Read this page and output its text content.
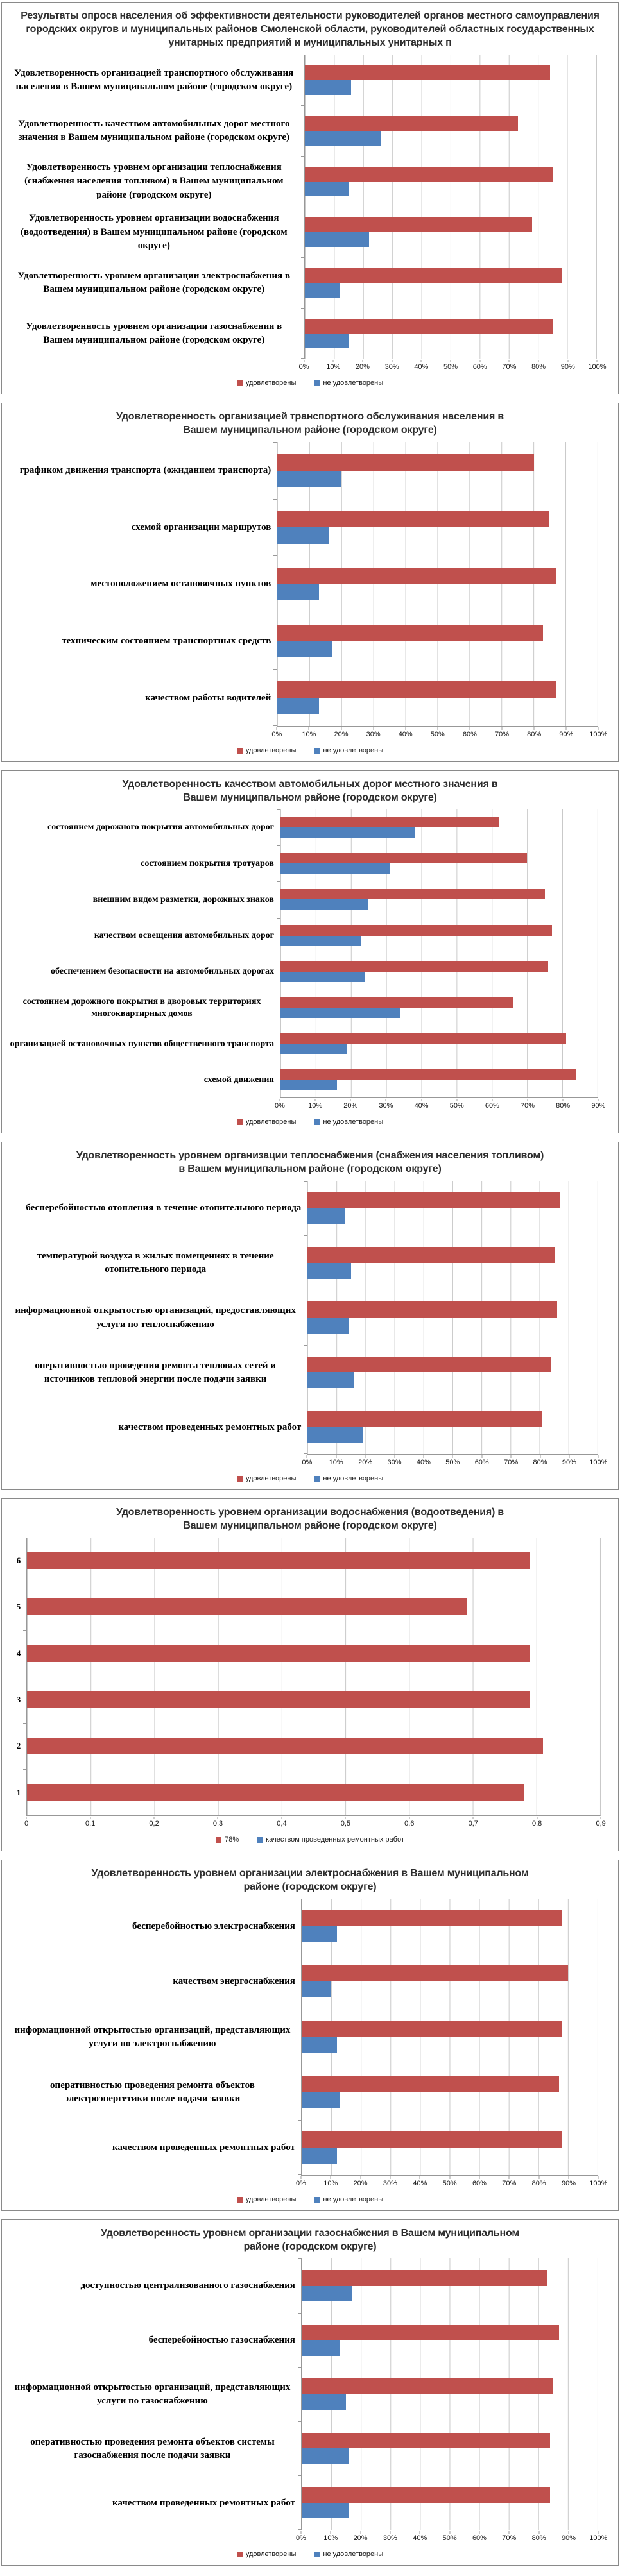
Результаты опроса населения об эффективности деятельности руководителей органов местного самоуправления городских округов и муниципальных районов Смоленской области, руководителей областных государственных унитарных предприятий и муниципальных унитарных п
Удовлетворенность организацией транспортного обслуживания населения в Вашем муниципальном районе (городском округе)
Удовлетворенность качеством автомобильных дорог местного значения в Вашем муниципальном районе (городском округе)
Удовлетворенность уровнем организации теплоснабжения (снабжения населения топливом) в Вашем муниципальном районе (городском округе)
Удовлетворенность уровнем организации водоснабжения (водоотведения) в Вашем муниципальном районе (городском округе)
Удовлетворенность уровнем организации электроснабжения в Вашем муниципальном районе (городском округе)
Удовлетворенность уровнем организации газоснабжения в Вашем муниципальном районе (городском округе)
0% 10% 20% 30% 40% 50% 60% 70% 80% 90% 100%
удовлетворены	не удовлетворены
Удовлетворенность организацией транспортного обслуживания населения в Вашем муниципальном районе (городском округе)
графиком движения транспорта (ожиданием транспорта)
схемой организации маршрутов
местоположением остановочных пунктов
техническим состоянием транспортных средств
качеством работы водителей
0%	10%	20%	30%	40%	50%	60%	70%	80%	90% 100%
удовлетворены	не удовлетворены
Удовлетворенность качеством автомобильных дорог местного значения в Вашем муниципальном районе (городском округе)
состоянием дорожного покрытия автомобильных дорог
состоянием покрытия тротуаров
внешним видом разметки, дорожных знаков
качеством освещения автомобильных дорог
обеспечением безопасности на автомобильных дорогах
состоянием дорожного покрытия в дворовых территориях многоквартирных домов
организацией остановочных пунктов общественного транспорта
схемой движения
0%	10%	20%	30%	40%	50%	60%	70%	80%	90%
удовлетворены	не удовлетворены
Удовлетворенность уровнем организации теплоснабжения (снабжения населения топливом) в Вашем муниципальном районе (городском округе)
бесперебойностью отопления в течение отопительного периода
температурой воздуха в жилых помещениях в течение отопительного периода
информационной открытостью организаций, предоставляющих услуги по теплоснабжению
оперативностью проведения ремонта тепловых сетей и источников тепловой энергии после подачи заявки
качеством проведенных ремонтных работ
0% 10% 20% 30% 40% 50% 60% 70% 80% 90% 100%
удовлетворены	не удовлетворены
Удовлетворенность уровнем организации водоснабжения (водоотведения) в Вашем муниципальном районе (городском округе)
6
5
4
3
2
1
0	0,1	0,2	0,3	0,4	0,5	0,6	0,7	0,8	0,9
78%	качеством проведенных ремонтных работ
Удовлетворенность уровнем организации электроснабжения в Вашем муниципальном районе (городском округе)
бесперебойностью электроснабжения
качеством энергоснабжения
информационной открытостью организаций, представляющих услуги по электроснабжению
оперативностью проведения ремонта объектов электроэнергетики после подачи заявки
качеством проведенных ремонтных работ
0% 10% 20% 30% 40% 50% 60% 70% 80% 90% 100%
удовлетворены	не удовлетворены
Удовлетворенность уровнем организации газоснабжения в Вашем муниципальном районе (городском округе)
доступностью централизованного газоснабжения
бесперебойностью газоснабжения
информационной открытостью организаций, представляющих услуги по газоснабжению
оперативностью проведения ремонта объектов системы газоснабжения после подачи заявки
качеством проведенных ремонтных работ
0% 10% 20% 30% 40% 50% 60% 70% 80% 90% 100%
удовлетворены	не удовлетворены
